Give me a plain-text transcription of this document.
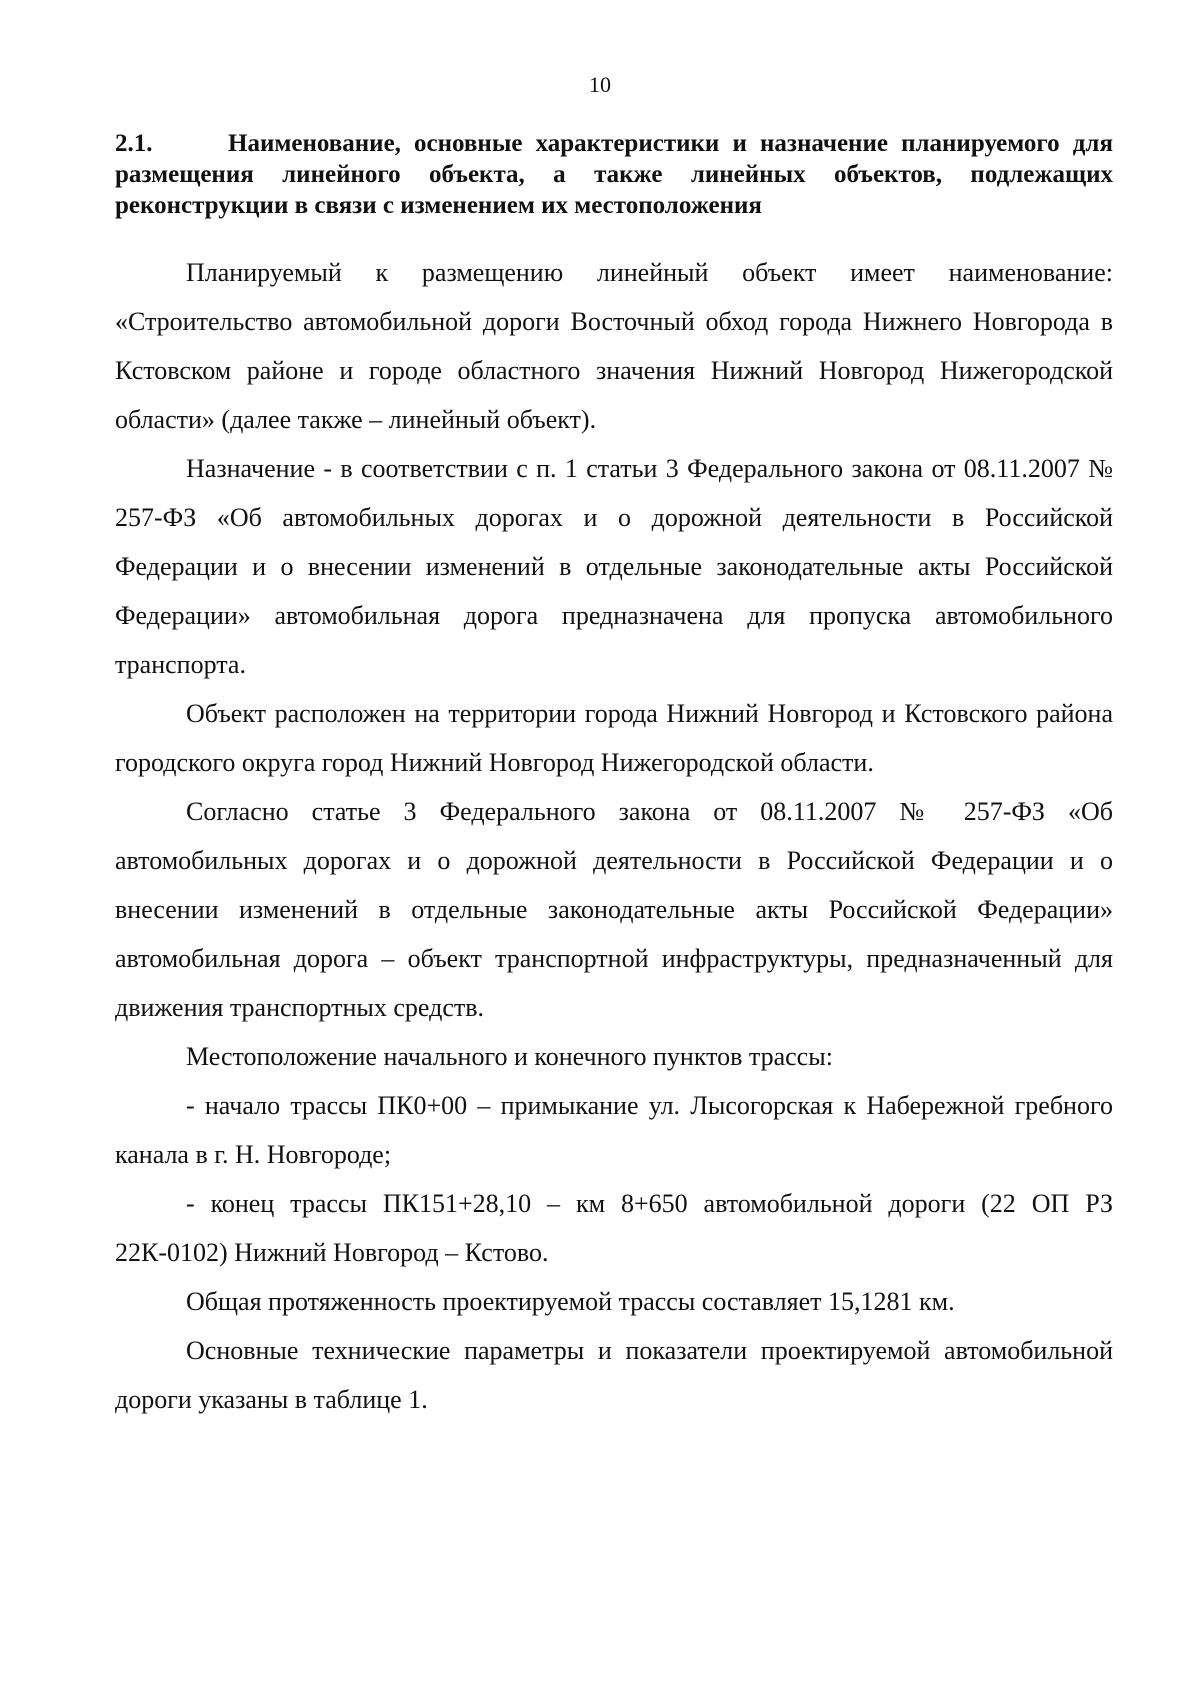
10
2.1.	Наименование, основные характеристики и назначение планируемого для размещения линейного объекта, а также линейных объектов, подлежащих реконструкции в связи с изменением их местоположения

Планируемый к размещению линейный объект имеет наименование: «Строительство автомобильной дороги Восточный обход города Нижнего Новгорода в Кстовском районе и городе областного значения Нижний Новгород Нижегородской области» (далее также – линейный объект).

Назначение - в соответствии с п. 1 статьи 3 Федерального закона от 08.11.2007 № 257-ФЗ «Об автомобильных дорогах и о дорожной деятельности в Российской Федерации и о внесении изменений в отдельные законодательные акты Российской Федерации» автомобильная дорога предназначена для пропуска автомобильного транспорта.

Объект расположен на территории города Нижний Новгород и Кстовского района городского округа город Нижний Новгород Нижегородской области.

Согласно статье 3 Федерального закона от 08.11.2007 № 257-ФЗ «Об автомобильных дорогах и о дорожной деятельности в Российской Федерации и о внесении изменений в отдельные законодательные акты Российской Федерации» автомобильная дорога – объект транспортной инфраструктуры, предназначенный для движения транспортных средств.

Местоположение начального и конечного пунктов трассы:

- начало трассы ПК0+00 – примыкание ул. Лысогорская к Набережной гребного канала в г. Н. Новгороде;

- конец трассы ПК151+28,10 – км 8+650 автомобильной дороги (22 ОП РЗ 22К-0102) Нижний Новгород – Кстово.

Общая протяженность проектируемой трассы составляет 15,1281 км.

Основные технические параметры и показатели проектируемой автомобильной дороги указаны в таблице 1.
